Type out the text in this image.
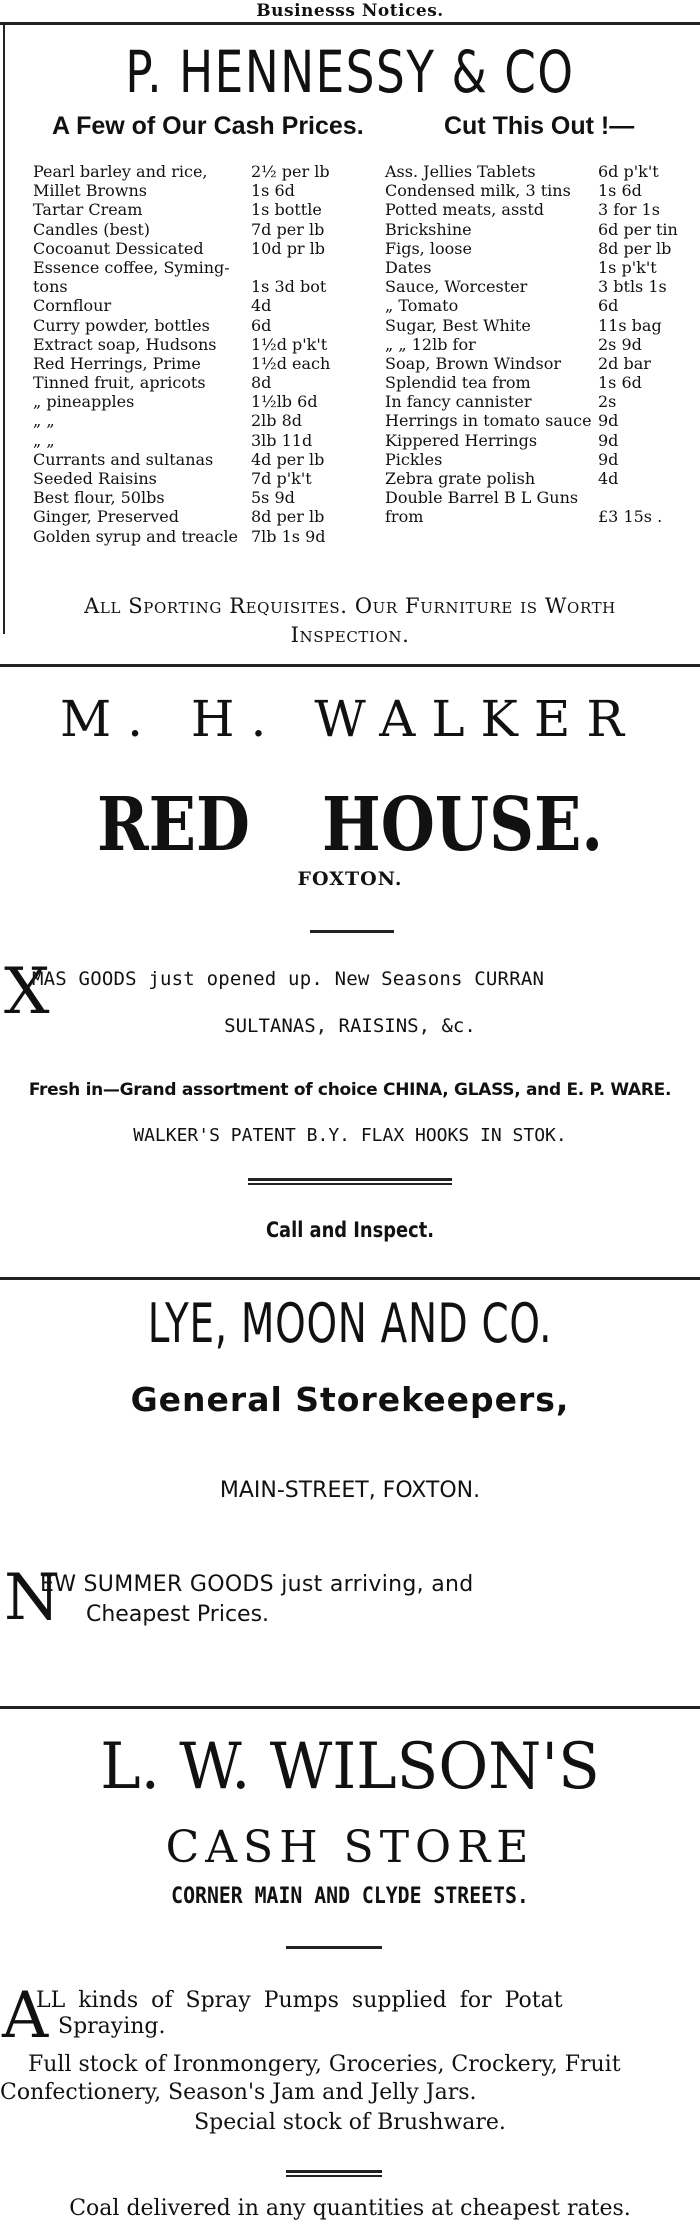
Businesss Notices.
P. HENNESSY & CO
A Few of Our Cash Prices.	Cut This Out !—
Pearl barley and rice,	2½ per lb
Millet Browns	1s 6d
Tartar Cream	1s bottle
Candles (best)	7d per lb
Cocoanut Dessicated	10d pr lb
Essence coffee, Syming-
tons	1s 3d bot
Cornflour	4d
Curry powder, bottles	6d
Extract soap, Hudsons 1½d p'k't
Red Herrings, Prime	1½d each
Tinned fruit, apricots	8d
„ pineapples	1½lb 6d
„ „	2lb 8d
„ „	3lb 11d
Currants and sultanas 4d per lb
Seeded Raisins	7d p'k't
Best flour, 50lbs	5s 9d
Ginger, Preserved	8d per lb
Golden syrup and treacle 7lb 1s 9d
Ass. Jellies Tablets	6d p'k't
Condensed milk, 3 tins 1s 6d
Potted meats, asstd	3 for 1s
Brickshine	6d per tin
Figs, loose	8d per lb
Dates	1s p'k't
Sauce, Worcester	3 btls 1s
„ Tomato	6d
Sugar, Best White	11s bag
„ „ 12lb for	2s 9d
Soap, Brown Windsor 2d bar
Splendid tea from	1s 6d
In fancy cannister	2s
Herrings in tomato sauce 9d
Kippered Herrings	9d
Pickles	9d
Zebra grate polish	4d
Double Barrel B L Guns
from	£3 15s .
All Sporting Requisites. Our Furniture is Worth
Inspection.
M. H. WALKER
RED HOUSE.
FOXTON.
X
MAS GOODS just opened up. New Seasons CURRAN
SULTANAS, RAISINS, &c.
Fresh in—Grand assortment of choice CHINA, GLASS, and E. P. WARE.
WALKER'S PATENT B.Y. FLAX HOOKS IN STOK.
Call and Inspect.
LYE, MOON AND CO.
General Storekeepers,
MAIN-STREET, FOXTON.
N
EW SUMMER GOODS just arriving, and
Cheapest Prices.
L. W. WILSON'S
CASH STORE
CORNER MAIN AND CLYDE STREETS.
A
LL kinds of Spray Pumps supplied for Potat
Spraying.
Full stock of Ironmongery, Groceries, Crockery, Fruit
Confectionery, Season's Jam and Jelly Jars.
Special stock of Brushware.
Coal delivered in any quantities at cheapest rates.
